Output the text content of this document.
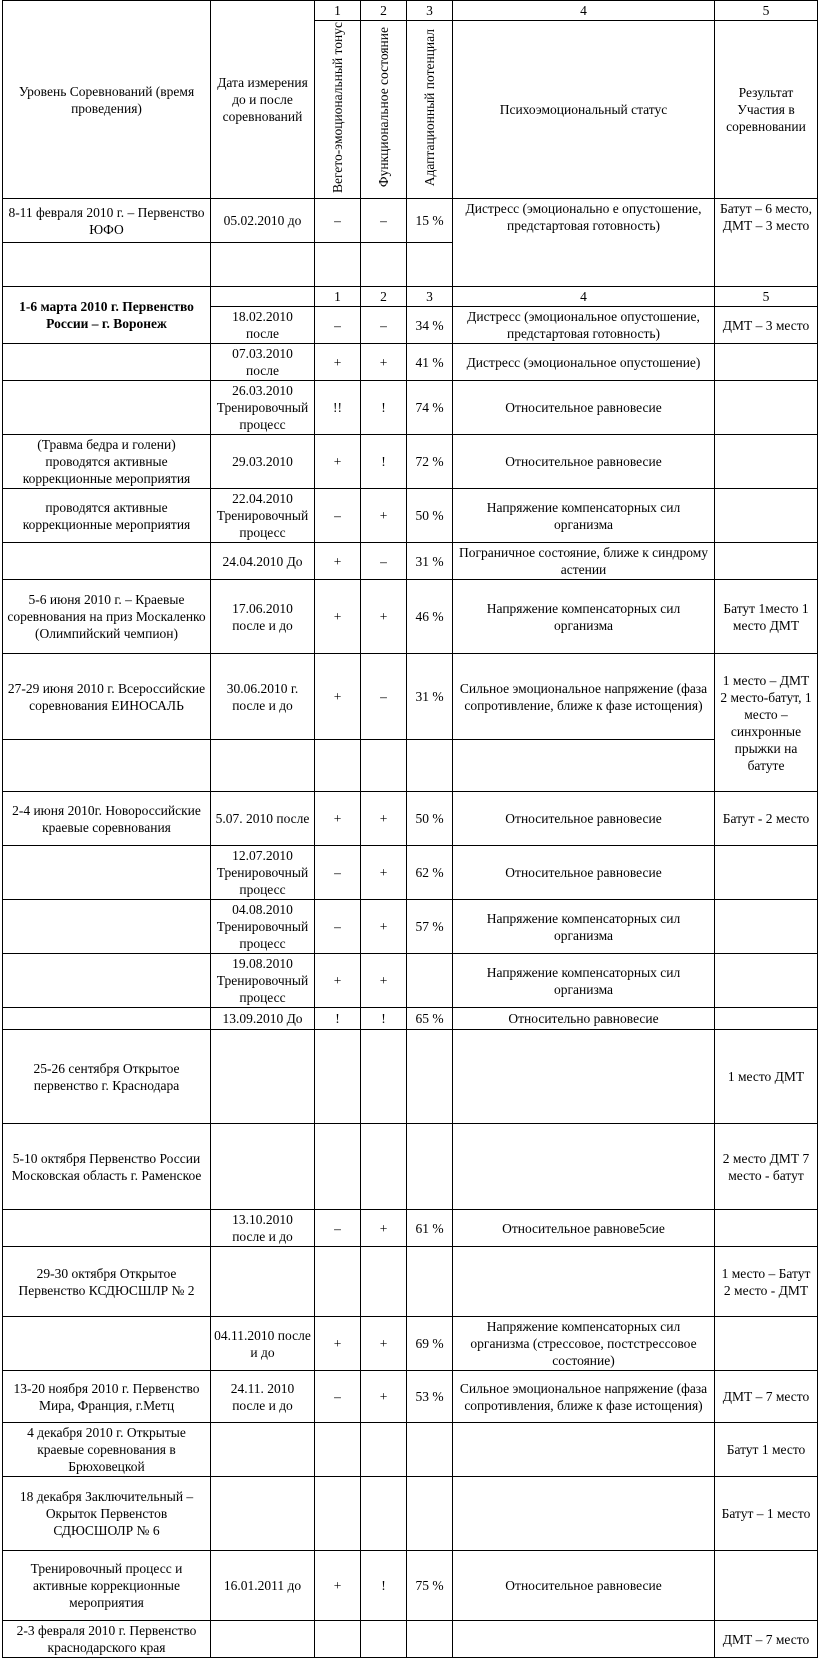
Уровень Соревнований (время проведения)	Дата измерения до и после соревнований	1	2	3	4	5
		Вегето-эмоциональный тонус	Функциональное состояние	Адаптационный потенциал	Психоэмоциональный статус	Результат Участия в соревновании
8-11 февраля 2010 г. – Первенство ЮФО	05.02.2010 до	–	–	15 %	Дистресс (эмоционально е опустошение, предстартовая готовность)	Батут – 6 место, ДМТ – 3 место

1-6 марта 2010 г. Первенство России – г. Воронеж		1	2	3	4	5
	18.02.2010 после	–	–	34 %	Дистресс (эмоциональное опустошение, предстартовая готовность)	ДМТ – 3 место
	07.03.2010 после	+	+	41 %	Дистресс (эмоциональное опустошение)	
	26.03.2010 Тренировочный процесс	!!	!	74 %	Относительное равновесие	
(Травма бедра и голени) проводятся активные коррекционные мероприятия	29.03.2010	+	!	72 %	Относительное равновесие	
проводятся активные коррекционные мероприятия	22.04.2010 Тренировочный процесс	–	+	50 %	Напряжение компенсаторных сил организма	
	24.04.2010 До	+	–	31 %	Пограничное состояние, ближе к синдрому астении	
5-6 июня 2010 г. – Краевые соревнования на приз Москаленко (Олимпийский чемпион)	17.06.2010 после и до	+	+	46 %	Напряжение компенсаторных сил организма	Батут 1место 1 место ДМТ
27-29 июня 2010 г. Всероссийские соревнования ЕИНОСАЛЬ	30.06.2010 г. после и до	+	–	31 %	Сильное эмоциональное напряжение (фаза сопротивление, ближе к фазе истощения)	1 место – ДМТ 2 место-батут, 1 место – синхронные прыжки на батуте

2-4 июня 2010г. Новороссийские краевые соревнования	5.07. 2010 после	+	+	50 %	Относительное равновесие	Батут - 2 место
	12.07.2010 Тренировочный процесс	–	+	62 %	Относительное равновесие	
	04.08.2010 Тренировочный процесс	–	+	57 %	Напряжение компенсаторных сил организма	
	19.08.2010 Тренировочный процесс	+	+		Напряжение компенсаторных сил организма	
	13.09.2010 До	!	!	65 %	Относительно равновесие	
25-26 сентября Открытое первенство г. Краснодара						1 место ДМТ
5-10 октября Первенство России Московская область г. Раменское						2 место ДМТ 7 место - батут
	13.10.2010 после и до	–	+	61 %	Относительное равнове5сие	
29-30 октября Открытое Первенство КСДЮСШЛР № 2						1 место – Батут 2 место - ДМТ
	04.11.2010 после и до	+	+	69 %	Напряжение компенсаторных сил организма (стрессовое, постстрессовое состояние)	
13-20 ноября 2010 г. Первенство Мира, Франция, г.Метц	24.11. 2010 после и до	–	+	53 %	Сильное эмоциональное напряжение (фаза сопротивления, ближе к фазе истощения)	ДМТ – 7 место
4 декабря 2010 г. Открытые краевые соревнования в Брюховецкой						Батут 1 место
18 декабря Заключительный – Окрыток Первенстов СДЮСШОЛР № 6						Батут – 1 место
Тренировочный процесс и активные коррекционные мероприятия	16.01.2011 до	+	!	75 %	Относительное равновесие	
2-3 февраля 2010 г. Первенство краснодарского края						ДМТ – 7 место
